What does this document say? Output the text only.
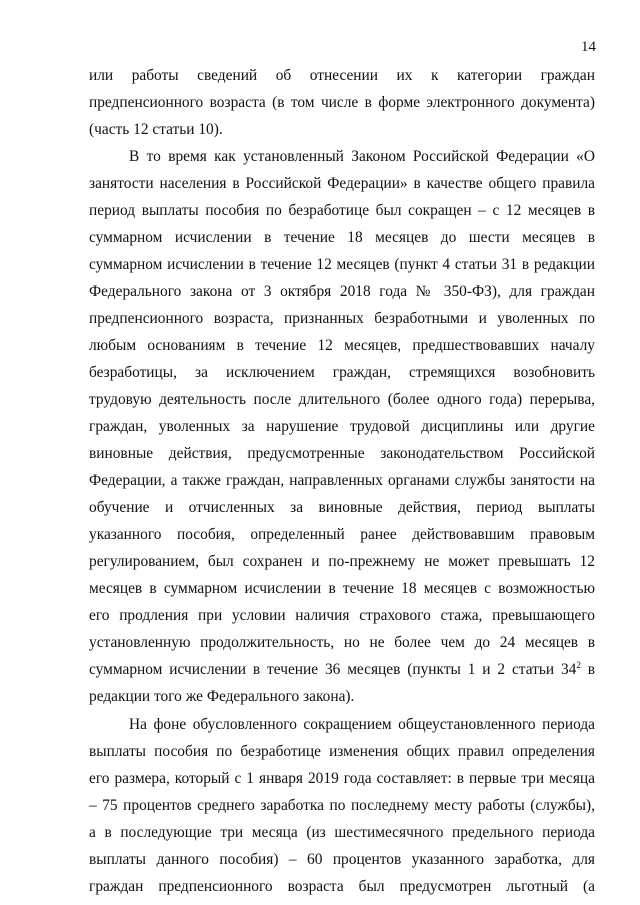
14
или работы сведений об отнесении их к категории граждан
предпенсионного возраста (в том числе в форме электронного документа)
(часть 12 статьи 10).
В то время как установленный Законом Российской Федерации «О
занятости населения в Российской Федерации» в качестве общего правила
период выплаты пособия по безработице был сокращен – с 12 месяцев в
суммарном исчислении в течение 18 месяцев до шести месяцев в
суммарном исчислении в течение 12 месяцев (пункт 4 статьи 31 в редакции
Федерального закона от 3 октября 2018 года № 350-ФЗ), для граждан
предпенсионного возраста, признанных безработными и уволенных по
любым основаниям в течение 12 месяцев, предшествовавших началу
безработицы, за исключением граждан, стремящихся возобновить
трудовую деятельность после длительного (более одного года) перерыва,
граждан, уволенных за нарушение трудовой дисциплины или другие
виновные действия, предусмотренные законодательством Российской
Федерации, а также граждан, направленных органами службы занятости на
обучение и отчисленных за виновные действия, период выплаты
указанного пособия, определенный ранее действовавшим правовым
регулированием, был сохранен и по-прежнему не может превышать 12
месяцев в суммарном исчислении в течение 18 месяцев с возможностью
его продления при условии наличия страхового стажа, превышающего
установленную продолжительность, но не более чем до 24 месяцев в
суммарном исчислении в течение 36 месяцев (пункты 1 и 2 статьи $34^2$ в
редакции того же Федерального закона).
На фоне обусловленного сокращением общеустановленного периода
выплаты пособия по безработице изменения общих правил определения
его размера, который с 1 января 2019 года составляет: в первые три месяца
– 75 процентов среднего заработка по последнему месту работы (службы),
а в последующие три месяца (из шестимесячного предельного периода
выплаты данного пособия) – 60 процентов указанного заработка, для
граждан предпенсионного возраста был предусмотрен льготный (а
